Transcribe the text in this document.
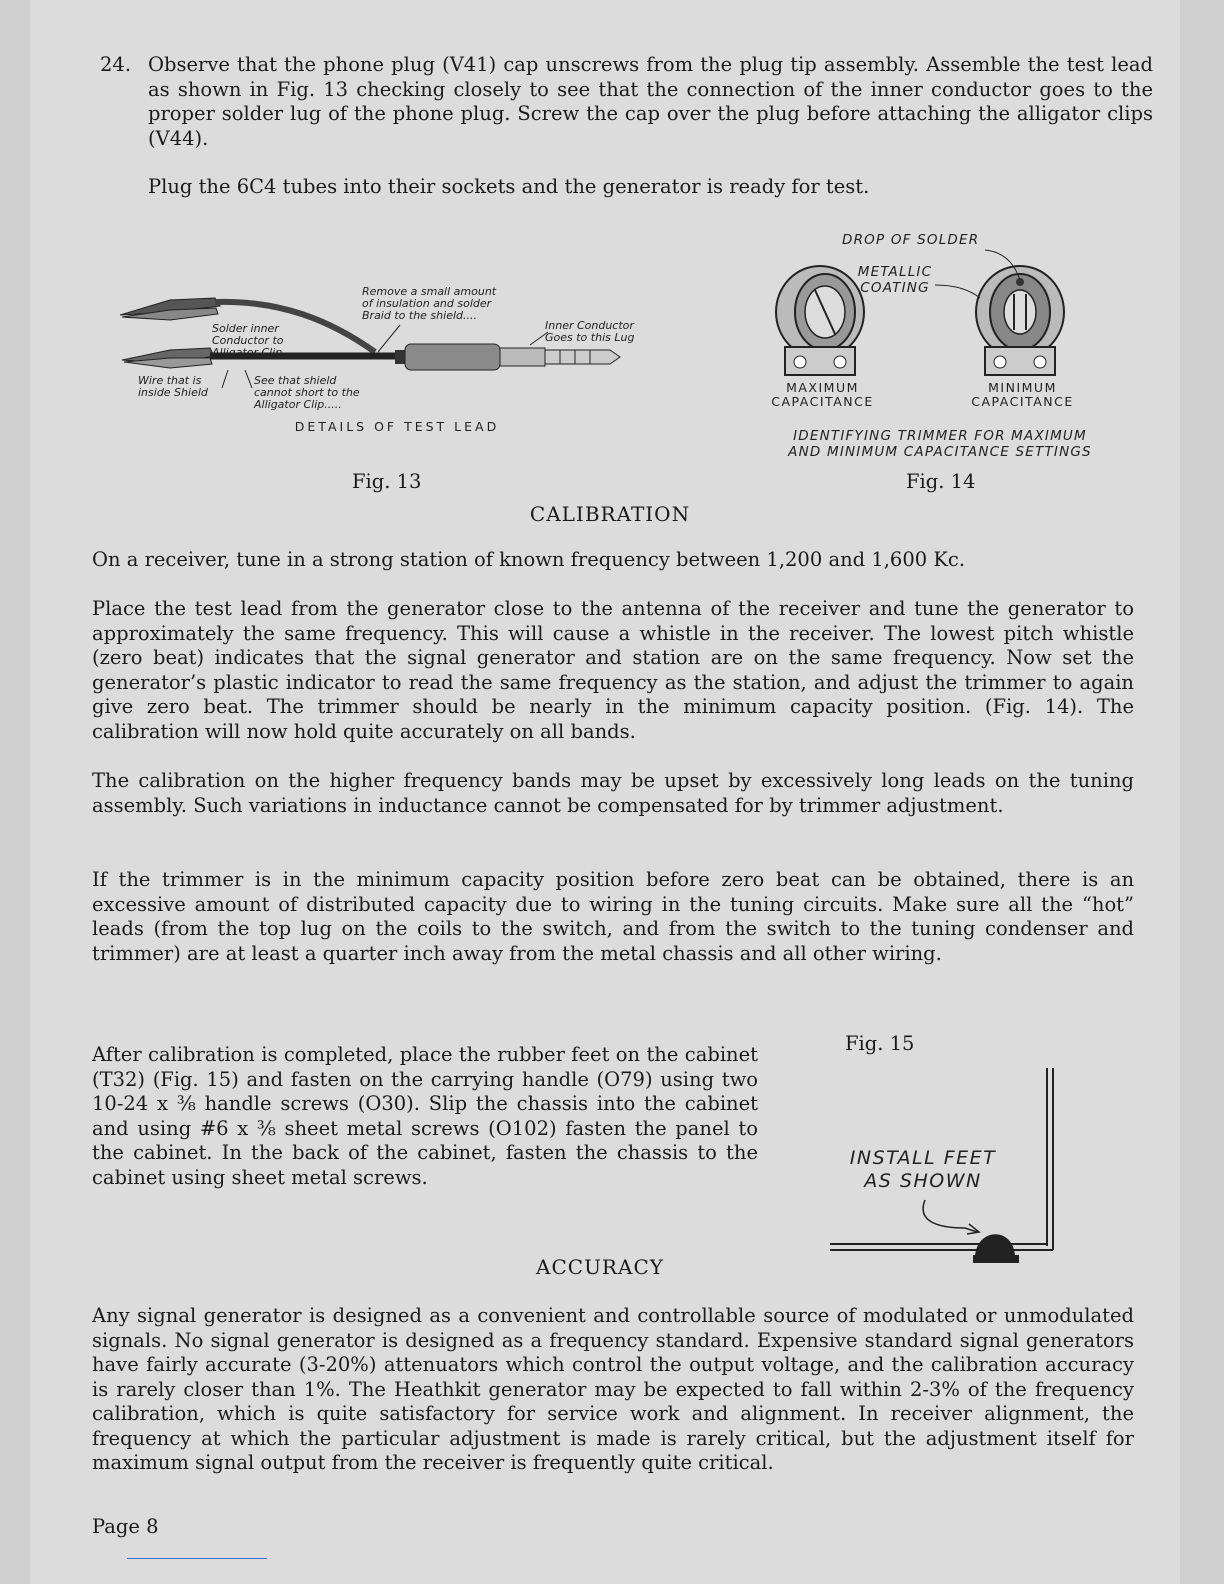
24. Observe that the phone plug (V41) cap unscrews from the plug tip assembly. Assemble the test lead as shown in Fig. 13 checking closely to see that the connection of the inner conductor goes to the proper solder lug of the phone plug. Screw the cap over the plug before attaching the alligator clips (V44).

Plug the 6C4 tubes into their sockets and the generator is ready for test.

Remove a small amount
of insulation and solder
Braid to the shield....
Inner Conductor
Goes to this Lug
Solder inner
Conductor to
Alligator Clip
Wire that is
inside Shield
See that shield
cannot short to the
Alligator Clip.....
DETAILS OF TEST LEAD
Fig. 13
DROP OF SOLDER
METALLIC COATING
MAXIMUM
CAPACITANCE
MINIMUM
CAPACITANCE
IDENTIFYING TRIMMER FOR MAXIMUM
AND MINIMUM CAPACITANCE SETTINGS
Fig. 14
CALIBRATION

On a receiver, tune in a strong station of known frequency between 1,200 and 1,600 Kc.

Place the test lead from the generator close to the antenna of the receiver and tune the generator to approximately the same frequency. This will cause a whistle in the receiver. The lowest pitch whistle (zero beat) indicates that the signal generator and station are on the same frequency. Now set the generator’s plastic indicator to read the same frequency as the station, and adjust the trimmer to again give zero beat. The trimmer should be nearly in the minimum capacity position. (Fig. 14). The calibration will now hold quite accurately on all bands.

The calibration on the higher frequency bands may be upset by excessively long leads on the tuning assembly. Such variations in inductance cannot be compensated for by trimmer adjustment.

If the trimmer is in the minimum capacity position before zero beat can be obtained, there is an excessive amount of distributed capacity due to wiring in the tuning circuits. Make sure all the “hot” leads (from the top lug on the coils to the switch, and from the switch to the tuning condenser and trimmer) are at least a quarter inch away from the metal chassis and all other wiring.

After calibration is completed, place the rubber feet on the cabinet (T32) (Fig. 15) and fasten on the carrying handle (O79) using two 10-24 x ⅜ handle screws (O30). Slip the chassis into the cabinet and using #6 x ⅜ sheet metal screws (O102) fasten the panel to the cabinet. In the back of the cabinet, fasten the chassis to the cabinet using sheet metal screws.

Fig. 15
INSTALL FEET
AS SHOWN
ACCURACY

Any signal generator is designed as a convenient and controllable source of modulated or unmodulated signals. No signal generator is designed as a frequency standard. Expensive standard signal generators have fairly accurate (3-20%) attenuators which control the output voltage, and the calibration accuracy is rarely closer than 1%. The Heathkit generator may be expected to fall within 2-3% of the frequency calibration, which is quite satisfactory for service work and alignment. In receiver alignment, the frequency at which the particular adjustment is made is rarely critical, but the adjustment itself for maximum signal output from the receiver is frequently quite critical.

Page 8
